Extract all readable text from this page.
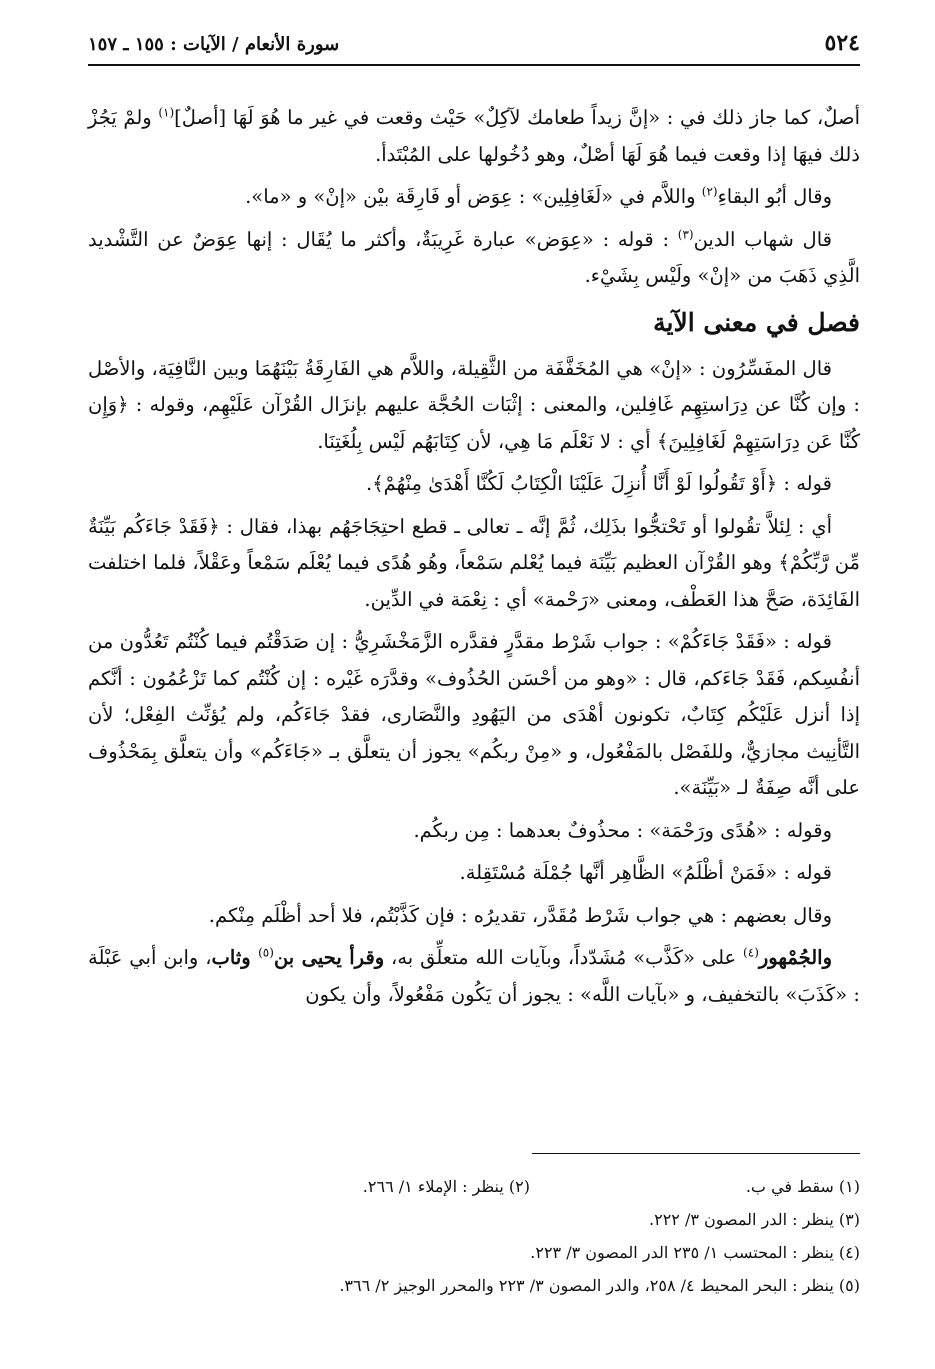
٥٢٤
سورة الأنعام / الآيات : ١٥٥ ـ ١٥٧

أصلٌ، كما جاز ذلك في : «إنَّ زيداً طعامك لآكِلٌ» حَيْث وقعت في غير ما هُوَ لَهَا [أصلٌ]$^{(١)}$ ولمْ يَجُزْ ذلك فيهَا إذا وقعت فيما هُوَ لَهَا أصْلٌ، وهو دُخُولها على المُبْتَدأ.

وقال أبُو البقاءِ$^{(٢)}$ واللاَّم في «لَغَافِلِين» : عِوَض أو فَارِقَة بيْن «إنْ» و «ما».

قال شهاب الدين$^{(٣)}$ : قوله : «عِوَض» عبارة غَرِيبَةٌ، وأكثر ما يُقَال : إنها عِوَضٌ عن التَّشْديد الَّذِي ذَهَبَ من «إنْ» ولَيْس بِشَيْء.

فصل في معنى الآية

قال المفَسِّرُون : «إنْ» هي المُخَفَّفَة من الثَّقِيلة، واللاَّم هي الفَارِقَةُ بَيْنَهُمَا وبين النَّافِيَة، والأصْل : وإن كُنَّا عن دِرَاستِهِم غَافِلين، والمعنى : إثْبَات الحُجَّة عليهم بإنزَال القُرْآن عَلَيْهِم، وقوله : ﴿وَإِن كُنَّا عَن دِرَاسَتِهِمْ لَغَافِلِينَ﴾ أي : لا نَعْلَم مَا هِي، لأن كِتَابَهُم لَيْس بِلُغَتِنَا.

قوله : ﴿أَوْ تَقُولُوا لَوْ أَنَّا أُنزِلَ عَلَيْنَا الْكِتَابُ لَكُنَّا أَهْدَىٰ مِنْهُمْ﴾.

أي : لِئلاَّ تقُولوا أو تَحْتجُّوا بذَلِك، ثُمَّ إنَّه ـ تعالى ـ قطع احتِجَاجَهُم بهذا، فقال : ﴿فَقَدْ جَاءَكُم بَيِّنَةٌ مِّن رَّبِّكُمْ﴾ وهو القُرْآن العظيم بَيِّنَة فيما يُعْلم سَمْعاً، وهُو هُدًى فيما يُعْلَم سَمْعاً وعَقْلاً، فلما اختلفت الفَائِدَة، صَحَّ هذا العَطْف، ومعنى «رَحْمة» أي : نِعْمَة في الدِّين.

قوله : «فَقَدْ جَاءَكُمْ» : جواب شَرْط مقدَّرٍ فقدَّره الزَّمَخْشَرِيُّ : إن صَدَقْتُم فيما كُنْتُم تَعُدُّون من أنفُسِكم، فَقَدْ جَاءَكم، قال : «وهو من أحْسَن الحُذُوف» وقدَّرَه غَيْره : إن كُنْتُم كما تَزْعُمُون : أنَّكم إذا أنزل عَلَيْكُم كِتَابٌ، تكونون أهْدَى من اليَهُودِ والنَّصَارى، فقدْ جَاءَكُم، ولم يُؤنِّث الفِعْل؛ لأن التَّأنِيث مجازيٌّ، وللفَصْل بالمَفْعُول، و «مِنْ ربكُم» يجوز أن يتعلَّق بـ «جَاءَكُم» وأن يتعلَّق بِمَحْذُوف على أنَّه صِفَةٌ لـ «بَيِّنَة».

وقوله : «هُدًى ورَحْمَة» : محذُوفٌ بعدهما : مِن ربكُم.

قوله : «فَمَنْ أظْلَمُ» الظَّاهِر أنَّها جُمْلَة مُسْتَقِلة.

وقال بعضهم : هي جواب شَرْط مُقَدَّر، تقديرُه : فإن كَذَّبْتُم، فلا أحد أظْلَم مِنْكم.

والجُمْهور$^{(٤)}$ على «كَذَّب» مُشَدّداً، وبآيات الله متعلِّق به، وقرأ يحيى بن$^{(٥)}$ وثاب، وابن أبي عَبْلَة : «كَذَبَ» بالتخفيف، و «بآيات اللَّه» : يجوز أن يَكُون مَفْعُولاً، وأن يكون

(١) سقط في ب.
(٢) ينظر : الإملاء ١/ ٢٦٦.
(٣) ينظر : الدر المصون ٣/ ٢٢٢.
(٤) ينظر : المحتسب ١/ ٢٣٥ الدر المصون ٣/ ٢٢٣.
(٥) ينظر : البحر المحيط ٤/ ٢٥٨، والدر المصون ٣/ ٢٢٣ والمحرر الوجيز ٢/ ٣٦٦.
